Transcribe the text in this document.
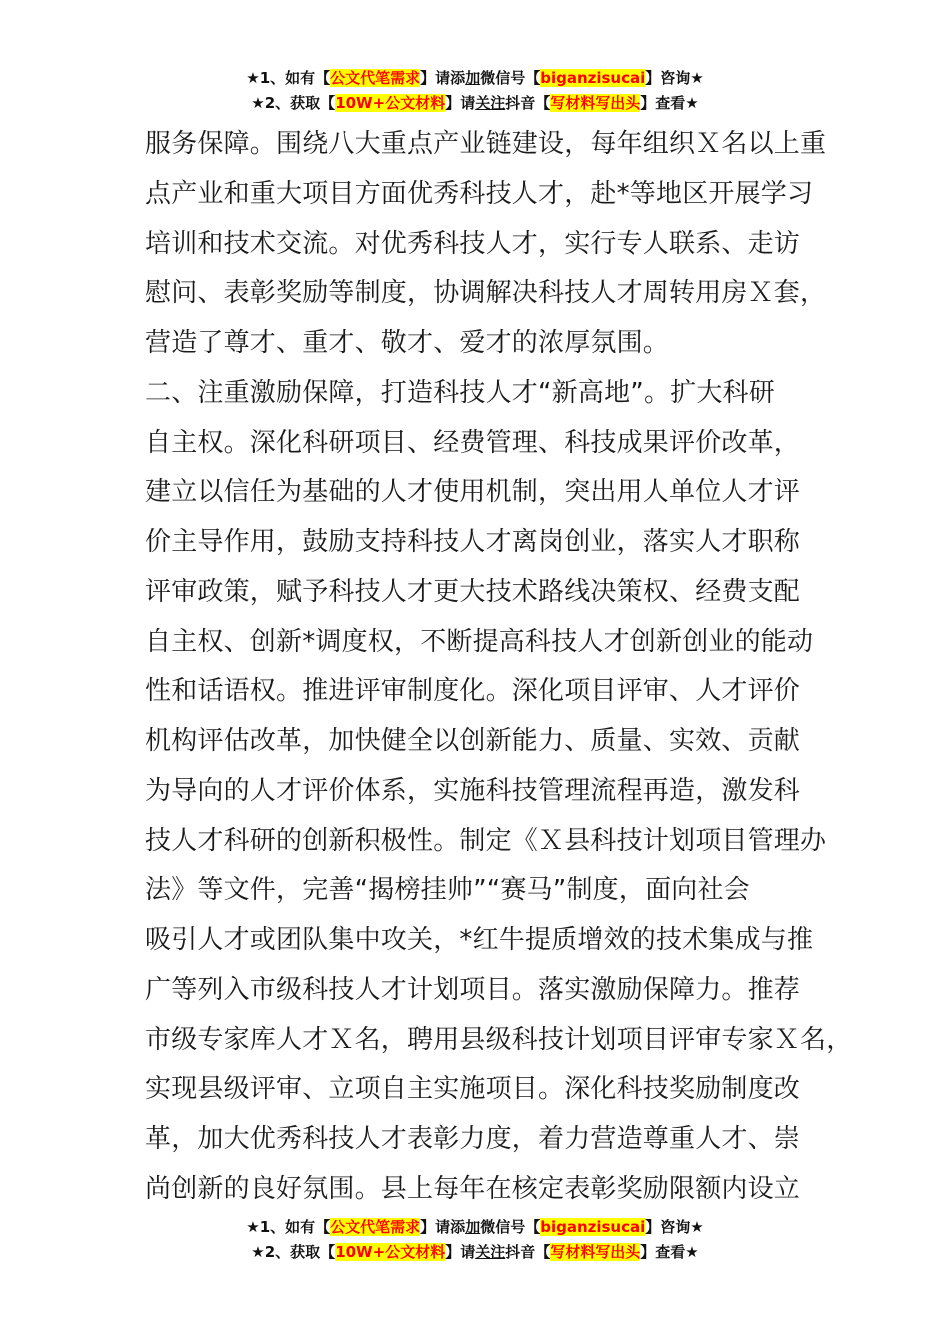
★1、如有【公文代笔需求】请添加微信号【biganzisucai】咨询★
★2、获取【10W+公文材料】请关注抖音【写材料写出头】查看★
服务保障。围绕八大重点产业链建设，每年组织Ｘ名以上重
点产业和重大项目方面优秀科技人才，赴*等地区开展学习
培训和技术交流。对优秀科技人才，实行专人联系、走访
慰问、表彰奖励等制度，协调解决科技人才周转用房Ｘ套，
营造了尊才、重才、敬才、爱才的浓厚氛围。
二、注重激励保障，打造科技人才“新高地”。扩大科研
自主权。深化科研项目、经费管理、科技成果评价改革，
建立以信任为基础的人才使用机制，突出用人单位人才评
价主导作用，鼓励支持科技人才离岗创业，落实人才职称
评审政策，赋予科技人才更大技术路线决策权、经费支配
自主权、创新*调度权，不断提高科技人才创新创业的能动
性和话语权。推进评审制度化。深化项目评审、人才评价
机构评估改革，加快健全以创新能力、质量、实效、贡献
为导向的人才评价体系，实施科技管理流程再造，激发科
技人才科研的创新积极性。制定《Ｘ县科技计划项目管理办
法》等文件，完善“揭榜挂帅”“赛马”制度，面向社会
吸引人才或团队集中攻关，*红牛提质增效的技术集成与推
广等列入市级科技人才计划项目。落实激励保障力。推荐
市级专家库人才Ｘ名，聘用县级科技计划项目评审专家Ｘ名，
实现县级评审、立项自主实施项目。深化科技奖励制度改
革，加大优秀科技人才表彰力度，着力营造尊重人才、崇
尚创新的良好氛围。县上每年在核定表彰奖励限额内设立
★1、如有【公文代笔需求】请添加微信号【biganzisucai】咨询★
★2、获取【10W+公文材料】请关注抖音【写材料写出头】查看★
